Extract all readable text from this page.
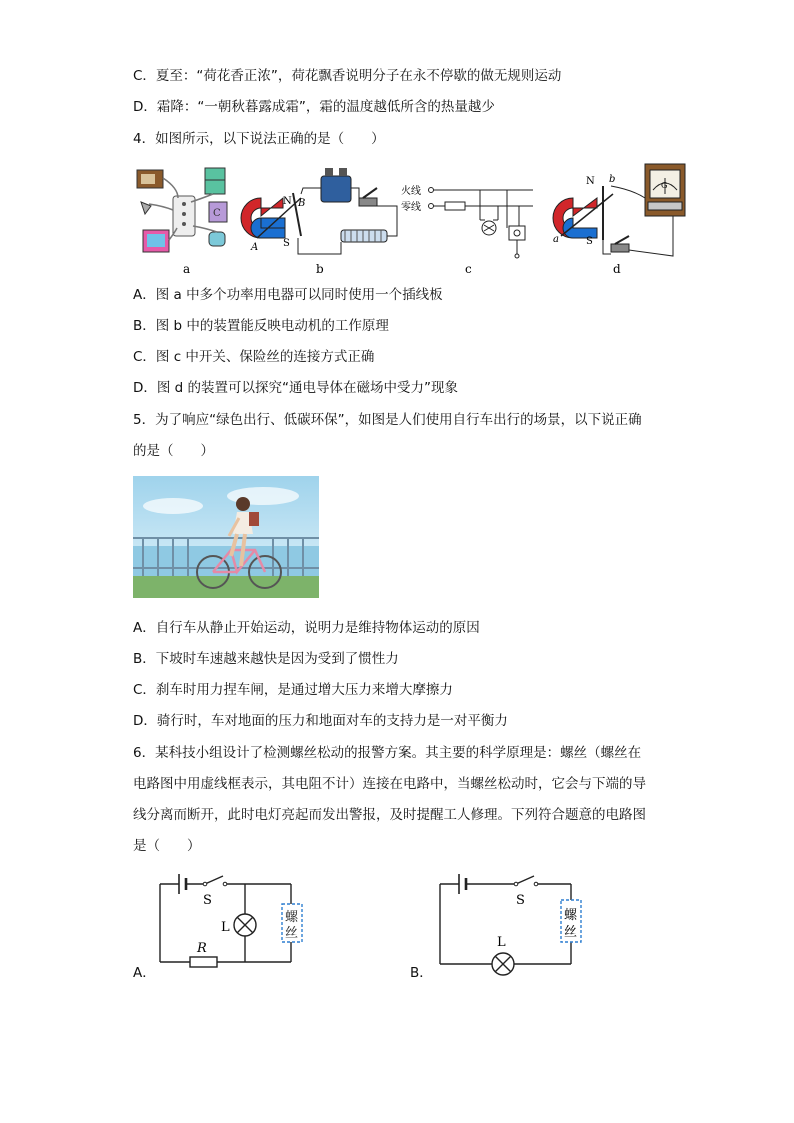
C．夏至：“荷花香正浓”，荷花飘香说明分子在永不停歇的做无规则运动
D．霜降：“一朝秋暮露成霜”，霜的温度越低所含的热量越少
4．如图所示，以下说法正确的是（　　）
C
a
N
S
A
B
b
火线
零线
c
G
N
S
a
b
d
A．图 a 中多个功率用电器可以同时使用一个插线板
B．图 b 中的装置能反映电动机的工作原理
C．图 c 中开关、保险丝的连接方式正确
D．图 d 的装置可以探究“通电导体在磁场中受力”现象
5．为了响应“绿色出行、低碳环保”，如图是人们使用自行车出行的场景，以下说正确
的是（　　）
A．自行车从静止开始运动，说明力是维持物体运动的原因
B．下坡时车速越来越快是因为受到了惯性力
C．刹车时用力捏车闸，是通过增大压力来增大摩擦力
D．骑行时，车对地面的压力和地面对车的支持力是一对平衡力
6．某科技小组设计了检测螺丝松动的报警方案。其主要的科学原理是：螺丝（螺丝在
电路图中用虚线框表示，其电阻不计）连接在电路中，当螺丝松动时，它会与下端的导
线分离而断开，此时电灯亮起而发出警报，及时提醒工人修理。下列符合题意的电路图
是（　　）
A．
S
L
R
螺
丝
B．
S
L
螺
丝
